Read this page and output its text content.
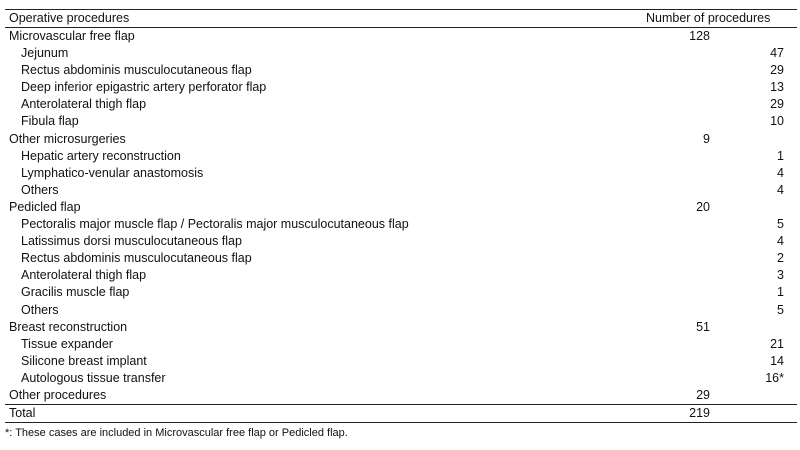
Operative procedures	Number of procedures
Microvascular free flap	128
Jejunum	47
Rectus abdominis musculocutaneous flap	29
Deep inferior epigastric artery perforator flap	13
Anterolateral thigh flap	29
Fibula flap	10
Other microsurgeries	9
Hepatic artery reconstruction	1
Lymphatico-venular anastomosis	4
Others	4
Pedicled flap	20
Pectoralis major muscle flap / Pectoralis major musculocutaneous flap	5
Latissimus dorsi musculocutaneous flap	4
Rectus abdominis musculocutaneous flap	2
Anterolateral thigh flap	3
Gracilis muscle flap	1
Others	5
Breast reconstruction	51
Tissue expander	21
Silicone breast implant	14
Autologous tissue transfer	16*
Other procedures	29
Total	219
*: These cases are included in Microvascular free flap or Pedicled flap.
